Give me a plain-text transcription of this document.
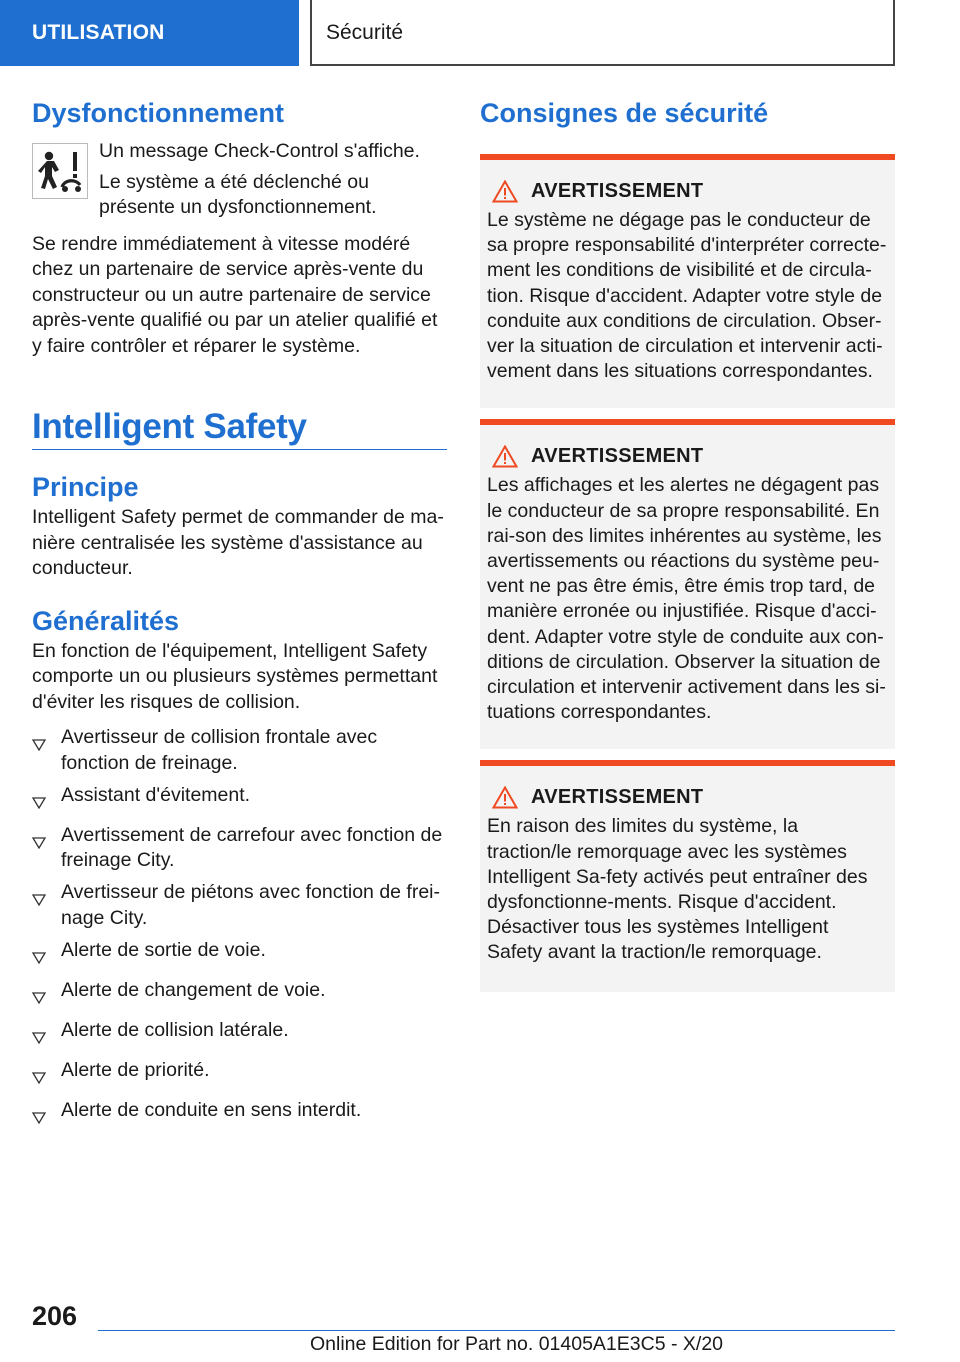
UTILISATION	Sécurité
Dysfonctionnement

Un message Check-Control s'affiche.

Le système a été déclenché ou présente un dysfonctionnement.

Se rendre immédiatement à vitesse modéré chez un partenaire de service après-vente du constructeur ou un autre partenaire de service après-vente qualifié ou par un atelier qualifié et y faire contrôler et réparer le système.

Intelligent Safety
Principe

Intelligent Safety permet de commander de ma-nière centralisée les système d'assistance au conducteur.

Généralités

En fonction de l'équipement, Intelligent Safety comporte un ou plusieurs systèmes permettant d'éviter les risques de collision.

Avertisseur de collision frontale avec fonction de freinage.
Assistant d'évitement.
Avertissement de carrefour avec fonction de freinage City.
Avertisseur de piétons avec fonction de frei-nage City.
Alerte de sortie de voie.
Alerte de changement de voie.
Alerte de collision latérale.
Alerte de priorité.
Alerte de conduite en sens interdit.
Consignes de sécurité
AVERTISSEMENT

Le système ne dégage pas le conducteur de sa propre responsabilité d'interpréter correcte-ment les conditions de visibilité et de circula-tion. Risque d'accident. Adapter votre style de conduite aux conditions de circulation. Obser-ver la situation de circulation et intervenir acti-vement dans les situations correspondantes.

AVERTISSEMENT

Les affichages et les alertes ne dégagent pas le conducteur de sa propre responsabilité. En rai-son des limites inhérentes au système, les avertissements ou réactions du système peu-vent ne pas être émis, être émis trop tard, de manière erronée ou injustifiée. Risque d'acci-dent. Adapter votre style de conduite aux con-ditions de circulation. Observer la situation de circulation et intervenir activement dans les si-tuations correspondantes.

AVERTISSEMENT

En raison des limites du système, la traction/le remorquage avec les systèmes Intelligent Sa-fety activés peut entraîner des dysfonctionne-ments. Risque d'accident. Désactiver tous les systèmes Intelligent Safety avant la traction/le remorquage.

206
Online Edition for Part no. 01405A1E3C5 - X/20
